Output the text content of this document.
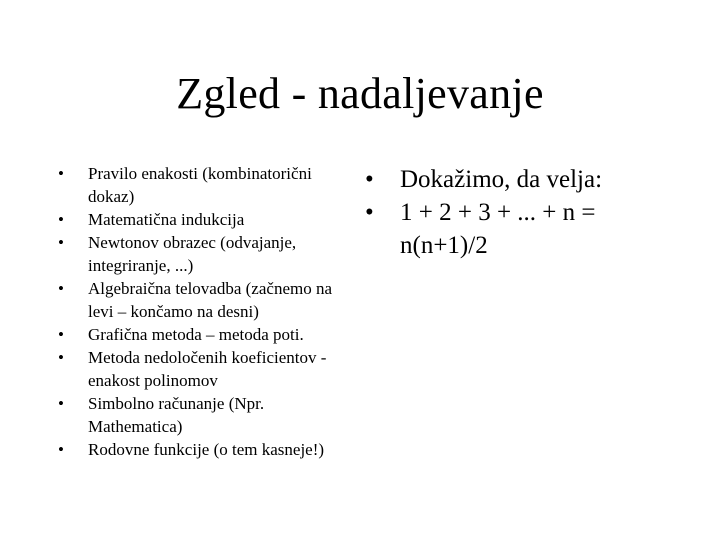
Zgled - nadaljevanje
•	Pravilo enakosti (kombinatorični dokaz)
•	Matematična indukcija
•	Newtonov obrazec (odvajanje, integriranje, ...)
•	Algebraična telovadba (začnemo na levi – končamo na desni)
•	Grafična metoda – metoda poti.
•	Metoda nedoločenih koeficientov - enakost polinomov
•	Simbolno računanje (Npr. Mathematica)
•	Rodovne funkcije (o tem kasneje!)
•	Dokažimo, da velja:
•	1 + 2 + 3 + ... + n = n(n+1)/2
